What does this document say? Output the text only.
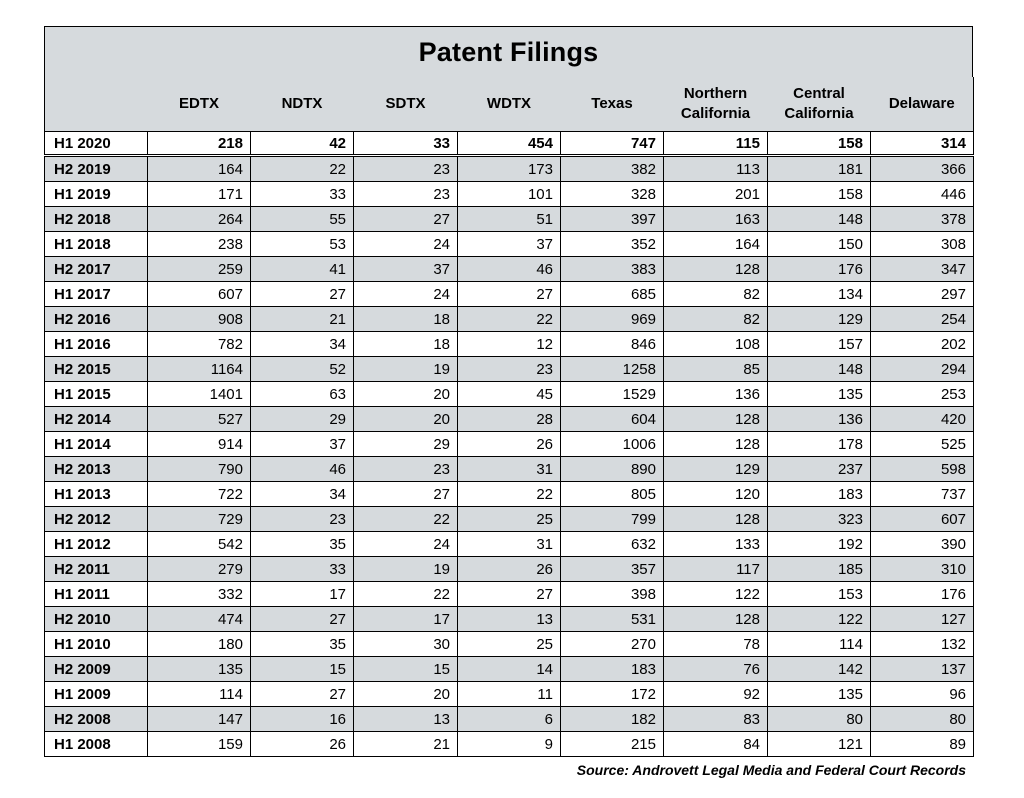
Patent Filings
	EDTX	NDTX	SDTX	WDTX	Texas	Northern California	Central California	Delaware
H1 2020	218	42	33	454	747	115	158	314
H2 2019	164	22	23	173	382	113	181	366
H1 2019	171	33	23	101	328	201	158	446
H2 2018	264	55	27	51	397	163	148	378
H1 2018	238	53	24	37	352	164	150	308
H2 2017	259	41	37	46	383	128	176	347
H1 2017	607	27	24	27	685	82	134	297
H2 2016	908	21	18	22	969	82	129	254
H1 2016	782	34	18	12	846	108	157	202
H2 2015	1164	52	19	23	1258	85	148	294
H1 2015	1401	63	20	45	1529	136	135	253
H2 2014	527	29	20	28	604	128	136	420
H1 2014	914	37	29	26	1006	128	178	525
H2 2013	790	46	23	31	890	129	237	598
H1 2013	722	34	27	22	805	120	183	737
H2 2012	729	23	22	25	799	128	323	607
H1 2012	542	35	24	31	632	133	192	390
H2 2011	279	33	19	26	357	117	185	310
H1 2011	332	17	22	27	398	122	153	176
H2 2010	474	27	17	13	531	128	122	127
H1 2010	180	35	30	25	270	78	114	132
H2 2009	135	15	15	14	183	76	142	137
H1 2009	114	27	20	11	172	92	135	96
H2 2008	147	16	13	6	182	83	80	80
H1 2008	159	26	21	9	215	84	121	89
Source: Androvett Legal Media and Federal Court Records
